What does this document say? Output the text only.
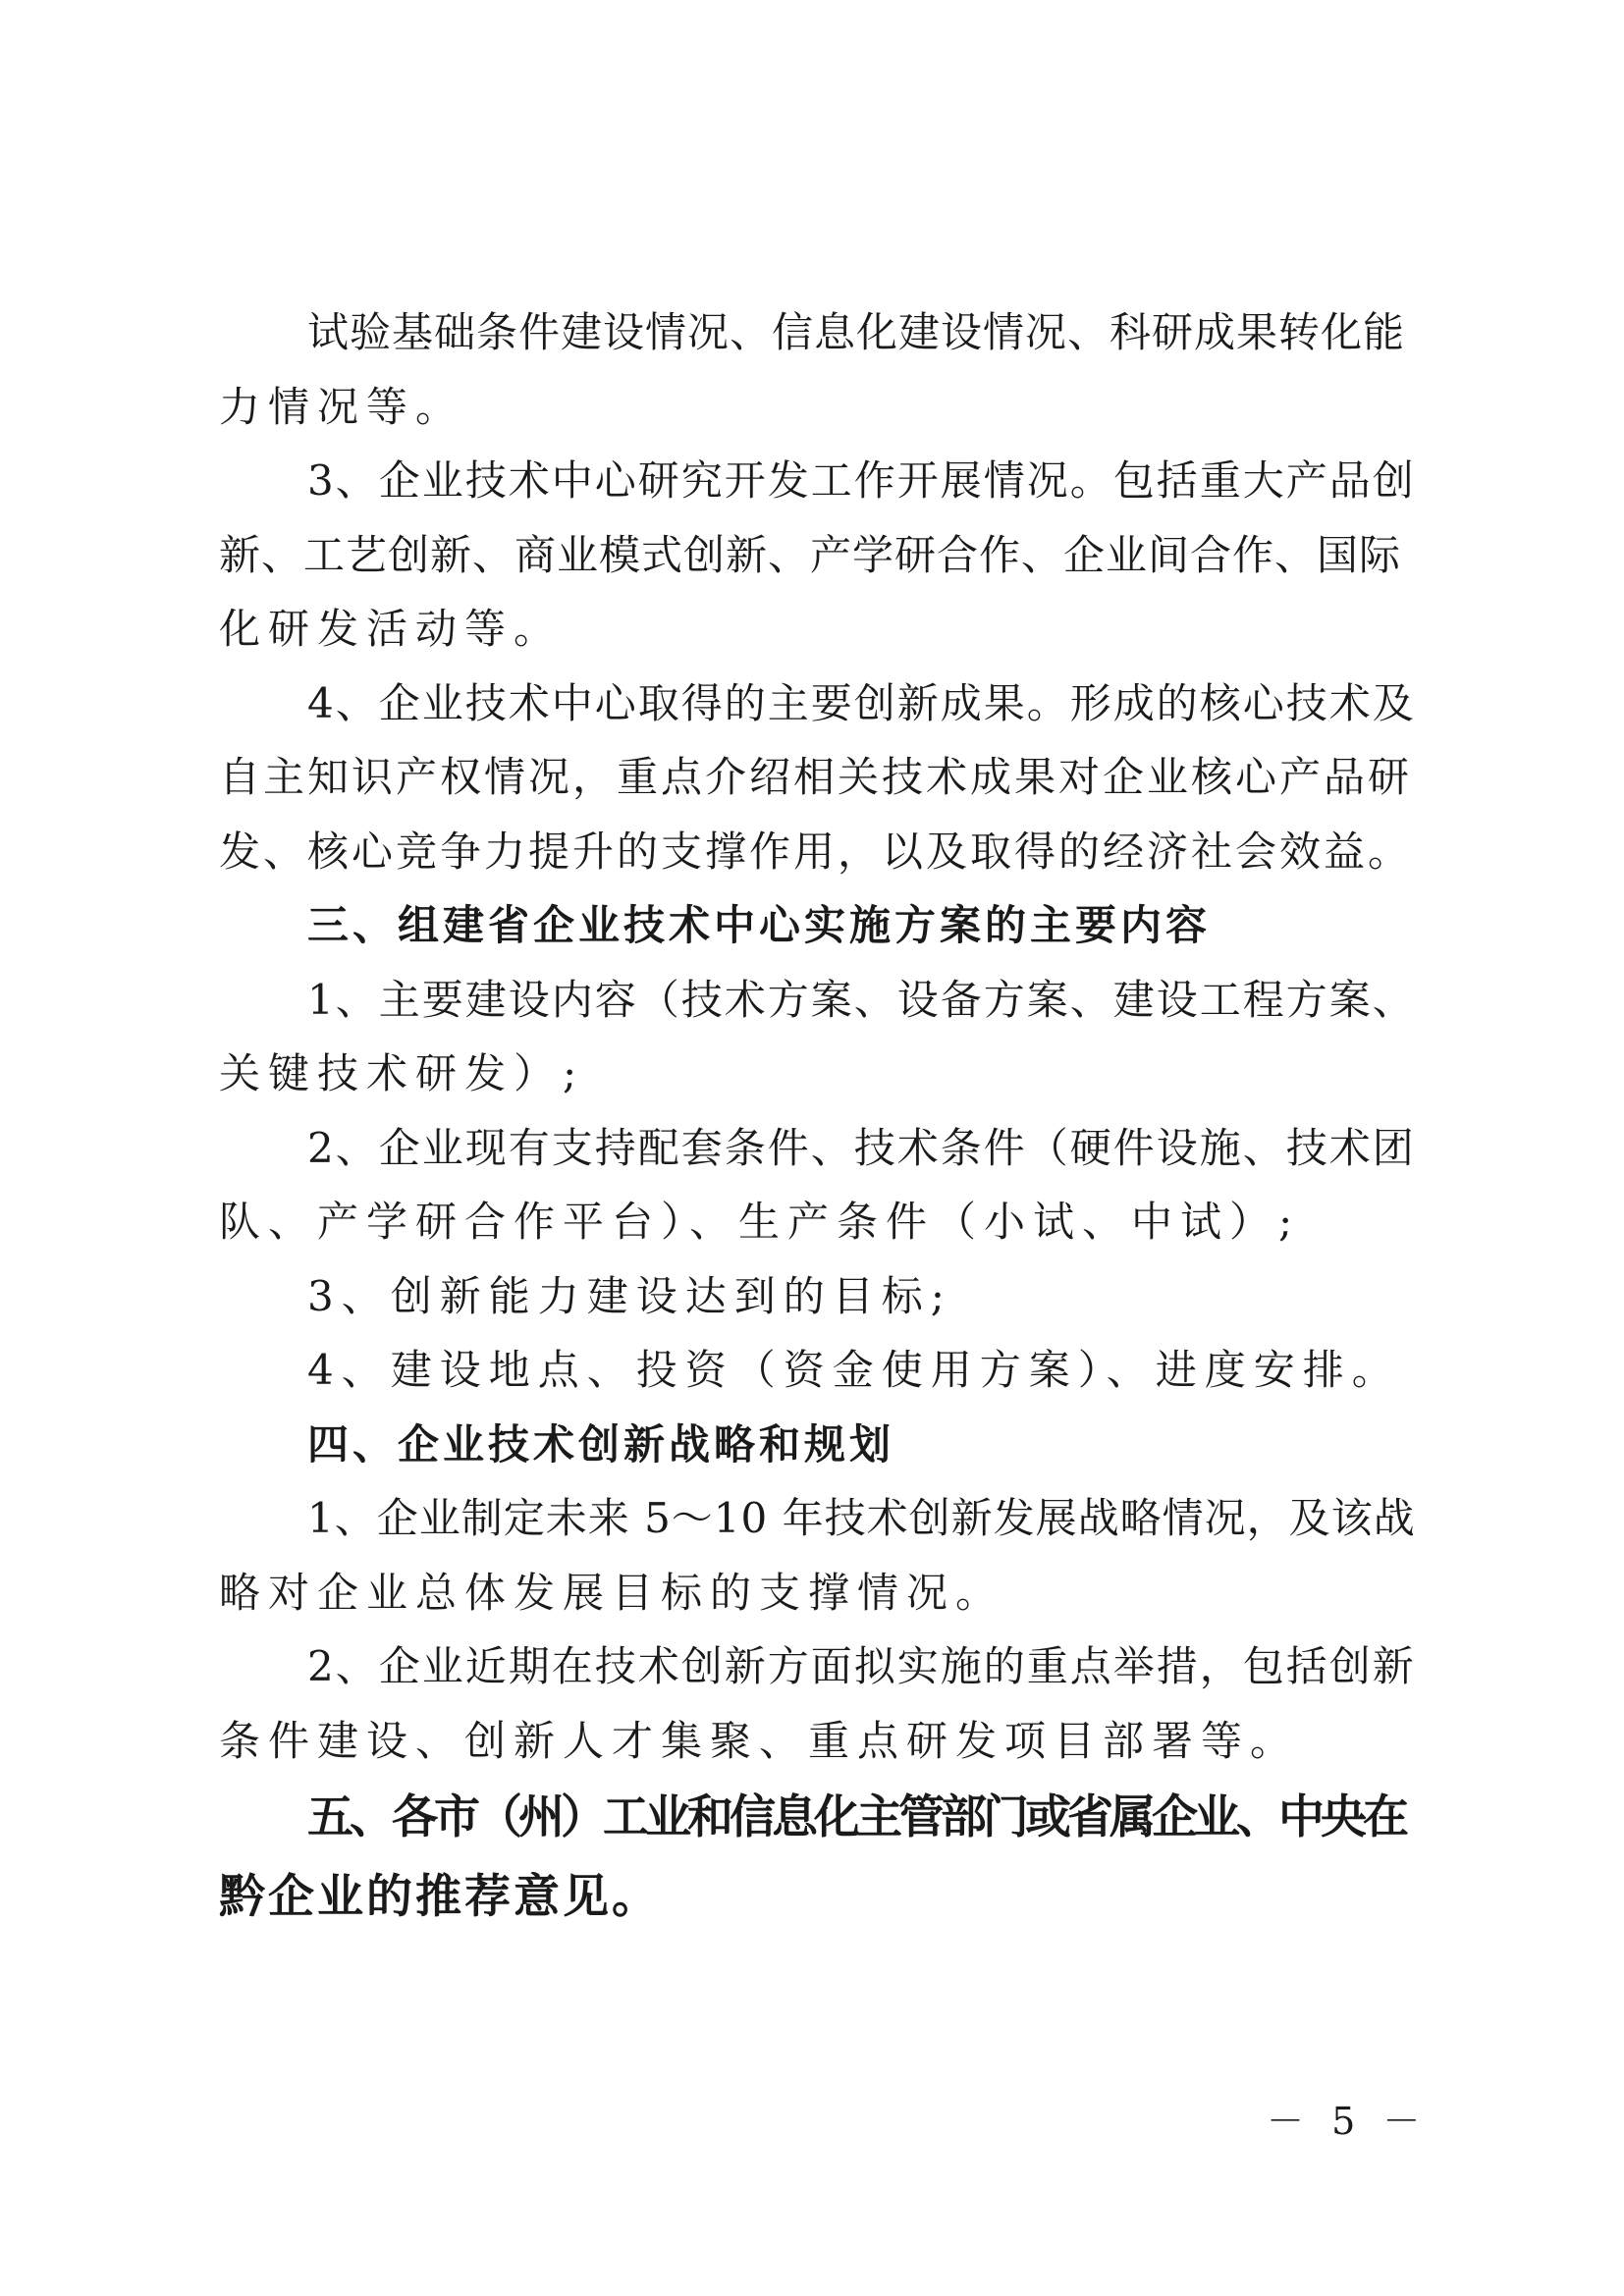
试验基础条件建设情况、信息化建设情况、科研成果转化能
力情况等。
3、企业技术中心研究开发工作开展情况。包括重大产品创
新、工艺创新、商业模式创新、产学研合作、企业间合作、国际
化研发活动等。
4、企业技术中心取得的主要创新成果。形成的核心技术及
自主知识产权情况，重点介绍相关技术成果对企业核心产品研
发、核心竞争力提升的支撑作用，以及取得的经济社会效益。
三、组建省企业技术中心实施方案的主要内容
1、主要建设内容（技术方案、设备方案、建设工程方案、
关键技术研发）;
2、企业现有支持配套条件、技术条件（硬件设施、技术团
队、产学研合作平台）、生产条件（小试、中试）;
3、创新能力建设达到的目标;
4、建设地点、投资（资金使用方案）、进度安排。
四、企业技术创新战略和规划
1、企业制定未来 5～10 年技术创新发展战略情况，及该战
略对企业总体发展目标的支撑情况。
2、企业近期在技术创新方面拟实施的重点举措，包括创新
条件建设、创新人才集聚、重点研发项目部署等。
五、各市（州）工业和信息化主管部门或省属企业、中央在
黔企业的推荐意见。
－ 5 －
